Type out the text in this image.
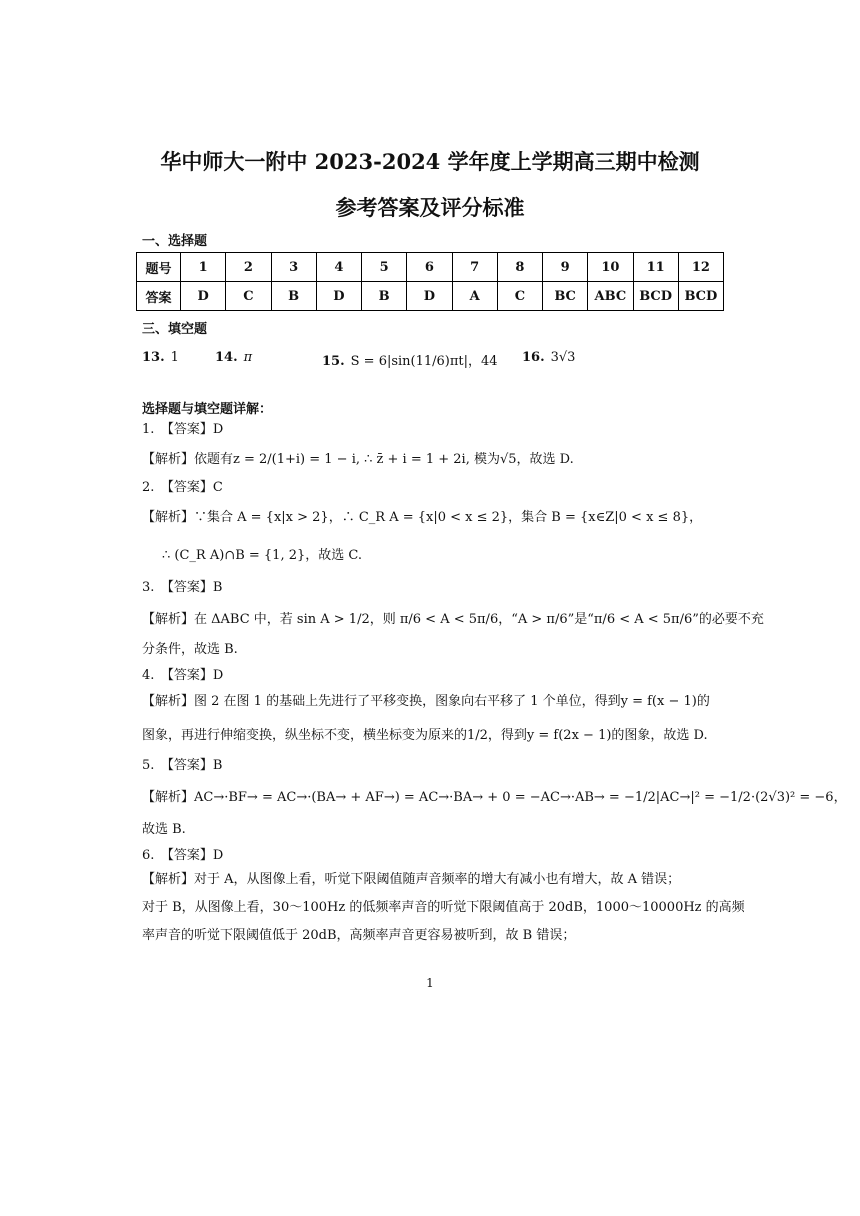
华中师大一附中 2023-2024 学年度上学期高三期中检测
参考答案及评分标准
一、选择题
题号	1	2	3	4	5	6	7	8	9	10	11	12
答案	D	C	B	D	B	D	A	C	BC	ABC	BCD	BCD
三、填空题
13. 1	14. π	15. S = 6|sin(11/6)πt|，44 16. 3√3
选择题与填空题详解：
1.　 【答案】D
【解析】依题有z = 2/(1+i) = 1 − i, ∴ z̄ + i = 1 + 2i, 模为√5，故选 D.
2.　 【答案】C
【解析】∵集合 A = {x|x > 2}，∴ C_R A = {x|0 < x ≤ 2}，集合 B = {x∈Z|0 < x ≤ 8}，
∴ (C_R A)∩B = {1, 2}，故选 C.
3.　 【答案】B
【解析】在 ΔABC 中，若 sin A > 1/2，则 π/6 < A < 5π/6，“A > π/6”是“π/6 < A < 5π/6”的必要不充
分条件，故选 B.
4.　 【答案】D
【解析】图 2 在图 1 的基础上先进行了平移变换，图象向右平移了 1 个单位，得到y = f(x − 1)的
图象，再进行伸缩变换，纵坐标不变，横坐标变为原来的1/2，得到y = f(2x − 1)的图象，故选 D.
5.　 【答案】B
【解析】AC→·BF→ = AC→·(BA→ + AF→) = AC→·BA→ + 0 = −AC→·AB→ = −1/2|AC→|² = −1/2·(2√3)² = −6，
故选 B.
6.　 【答案】D
【解析】对于 A，从图像上看，听觉下限阈值随声音频率的增大有减小也有增大，故 A 错误；
对于 B，从图像上看，30～100Hz 的低频率声音的听觉下限阈值高于 20dB，1000～10000Hz 的高频
率声音的听觉下限阈值低于 20dB，高频率声音更容易被听到，故 B 错误；
1
